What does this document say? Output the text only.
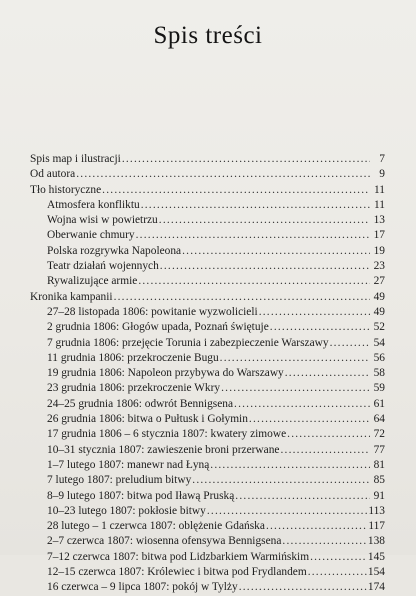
Spis treści
Spis map i ilustracji .....	7
Od autora .....	9
Tło historyczne .....	11
Atmosfera konfliktu .....	11
Wojna wisi w powietrzu .....	13
Oberwanie chmury .....	17
Polska rozgrywka Napoleona .....	19
Teatr działań wojennych .....	23
Rywalizujące armie .....	27
Kronika kampanii .....	49
27–28 listopada 1806: powitanie wyzwolicieli .....	49
2 grudnia 1806: Głogów upada, Poznań świętuje .....	52
7 grudnia 1806: przejęcie Torunia i zabezpieczenie Warszawy .....	54
11 grudnia 1806: przekroczenie Bugu .....	56
19 grudnia 1806: Napoleon przybywa do Warszawy .....	58
23 grudnia 1806: przekroczenie Wkry .....	59
24–25 grudnia 1806: odwrót Bennigsena .....	61
26 grudnia 1806: bitwa o Pułtusk i Gołymin .....	64
17 grudnia 1806 – 6 stycznia 1807: kwatery zimowe .....	72
10–31 stycznia 1807: zawieszenie broni przerwane .....	77
1–7 lutego 1807: manewr nad Łyną .....	81
7 lutego 1807: preludium bitwy .....	85
8–9 lutego 1807: bitwa pod Iławą Pruską .....	91
10–23 lutego 1807: pokłosie bitwy .....	113
28 lutego – 1 czerwca 1807: oblężenie Gdańska .....	117
2–7 czerwca 1807: wiosenna ofensywa Bennigsena .....	138
7–12 czerwca 1807: bitwa pod Lidzbarkiem Warmińskim .....	145
12–15 czerwca 1807: Królewiec i bitwa pod Frydlandem .....	154
16 czerwca – 9 lipca 1807: pokój w Tylży .....	174
